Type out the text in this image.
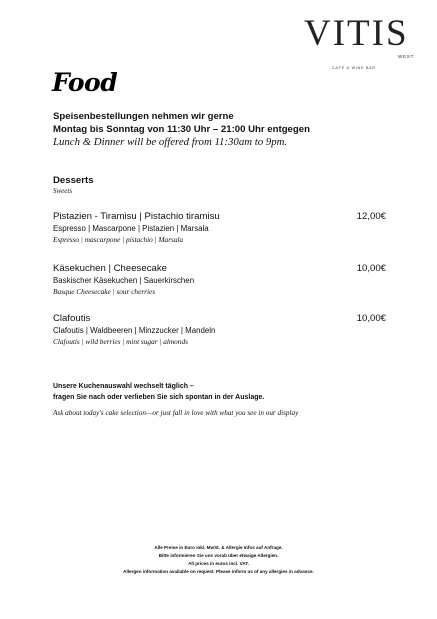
VITIS
WEST
CAFÉ & WINE BAR
Food
Speisenbestellungen nehmen wir gerne
Montag bis Sonntag von 11:30 Uhr – 21:00 Uhr entgegen
Lunch & Dinner will be offered from 11:30am to 9pm.
Desserts
Sweets
Pistazien - Tiramisu | Pistachio tiramisu
Espresso | Mascarpone | Pistazien | Marsala
Espresso | mascarpone | pistachio | Marsala
12,00€
Käsekuchen | Cheesecake
Baskischer Käsekuchen | Sauerkirschen
Basque Cheesecake | sour cherries
10,00€
Clafoutis
Clafoutis | Waldbeeren | Minzzucker | Mandeln
Clafoutis | wild berries | mint sugar | almonds
10,00€
Unsere Kuchenauswahl wechselt täglich –
fragen Sie nach oder verlieben Sie sich spontan in der Auslage.
Ask about today's cake selection—or just fall in love with what you see in our display
Alle Preise in Euro inkl. MwSt. & Allergie Infos auf Anfrage.
Bitte informieren Sie uns vorab über etwaige Allergien.
All prices in euros incl. VAT.
Allergen information available on request. Please inform us of any allergies in advance.
